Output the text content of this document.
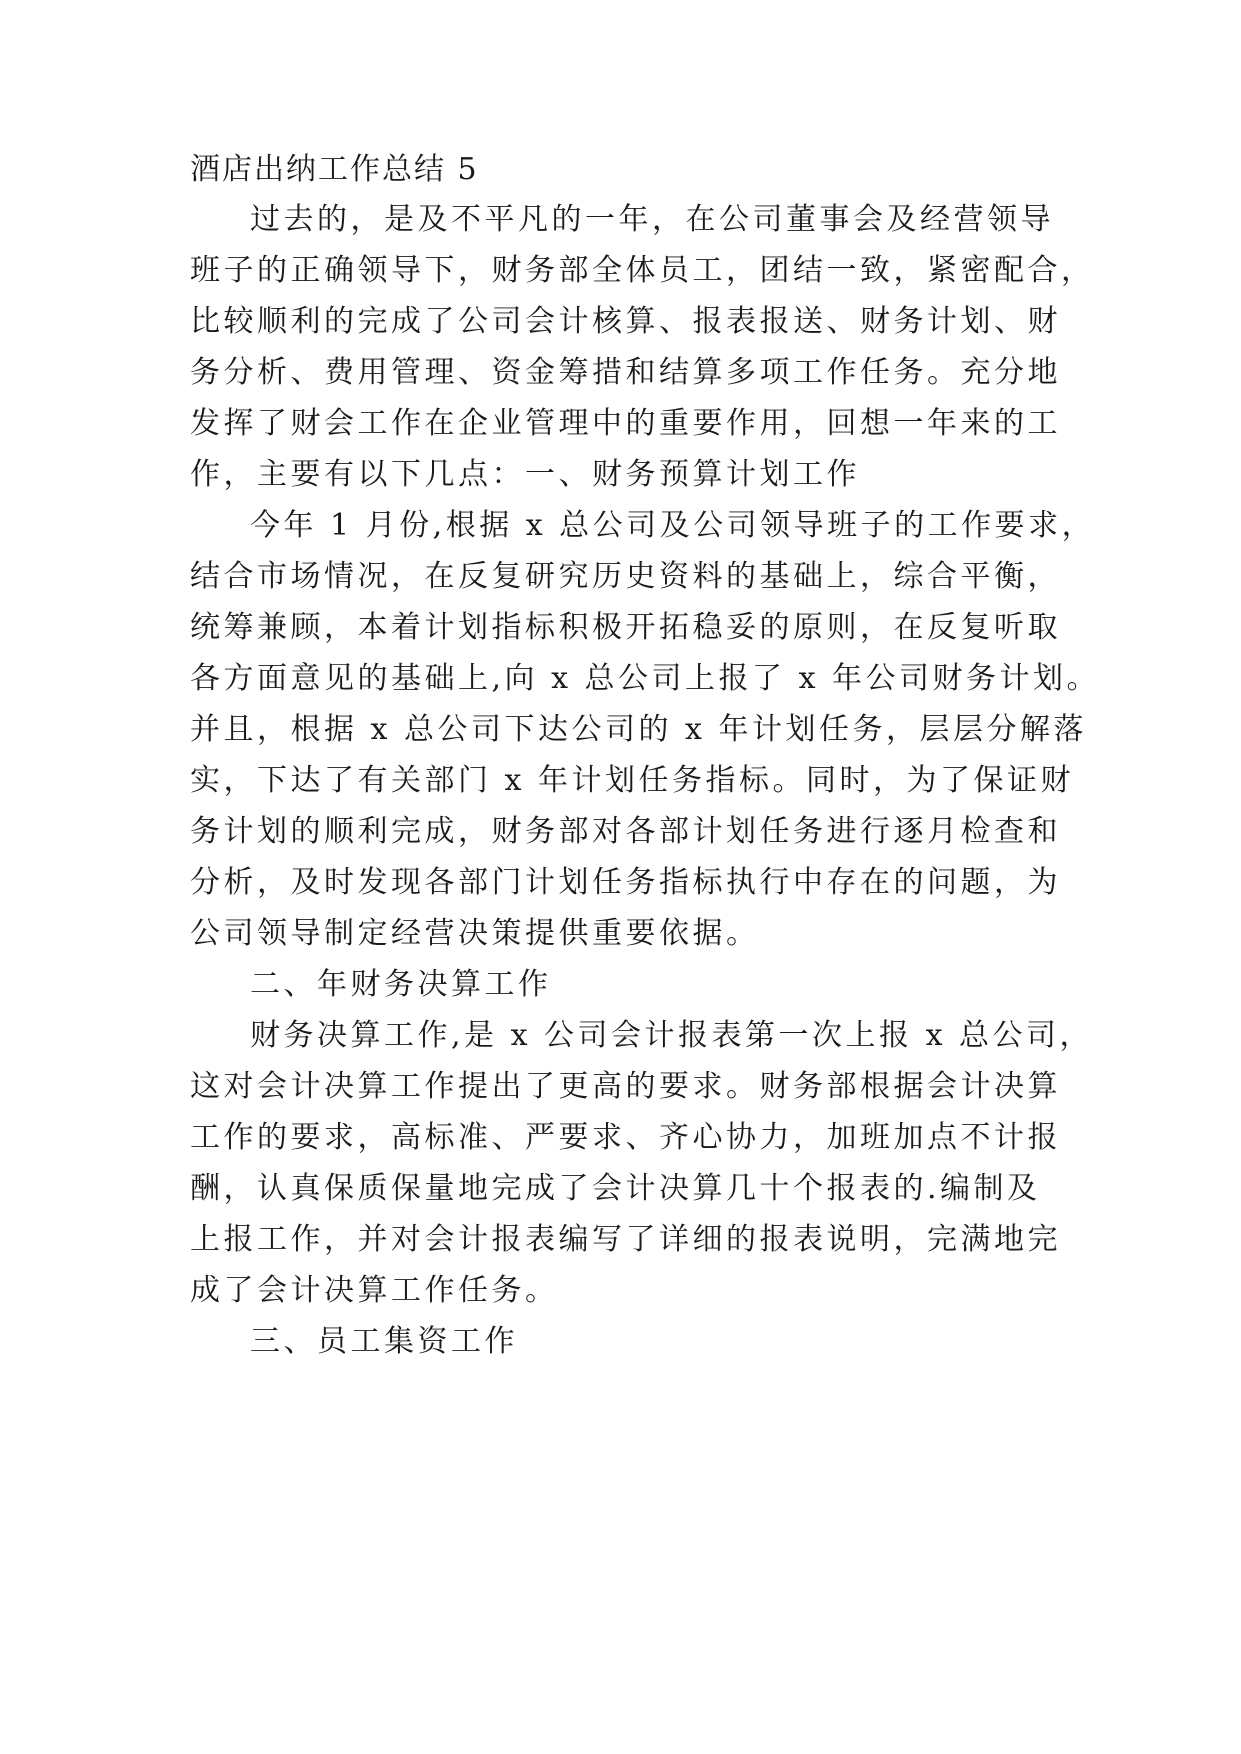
酒店出纳工作总结 5
过去的，是及不平凡的一年，在公司董事会及经营领导
班子的正确领导下，财务部全体员工，团结一致，紧密配合，
比较顺利的完成了公司会计核算、报表报送、财务计划、财
务分析、费用管理、资金筹措和结算多项工作任务。充分地
发挥了财会工作在企业管理中的重要作用，回想一年来的工
作，主要有以下几点：一、财务预算计划工作
今年 1 月份,根据 x 总公司及公司领导班子的工作要求，
结合市场情况，在反复研究历史资料的基础上，综合平衡，
统筹兼顾，本着计划指标积极开拓稳妥的原则，在反复听取
各方面意见的基础上,向 x 总公司上报了 x 年公司财务计划。
并且，根据 x 总公司下达公司的 x 年计划任务，层层分解落
实，下达了有关部门 x 年计划任务指标。同时，为了保证财
务计划的顺利完成，财务部对各部计划任务进行逐月检查和
分析，及时发现各部门计划任务指标执行中存在的问题，为
公司领导制定经营决策提供重要依据。
二、年财务决算工作
财务决算工作,是 x 公司会计报表第一次上报 x 总公司，
这对会计决算工作提出了更高的要求。财务部根据会计决算
工作的要求，高标准、严要求、齐心协力，加班加点不计报
酬，认真保质保量地完成了会计决算几十个报表的.编制及
上报工作，并对会计报表编写了详细的报表说明，完满地完
成了会计决算工作任务。
三、员工集资工作
